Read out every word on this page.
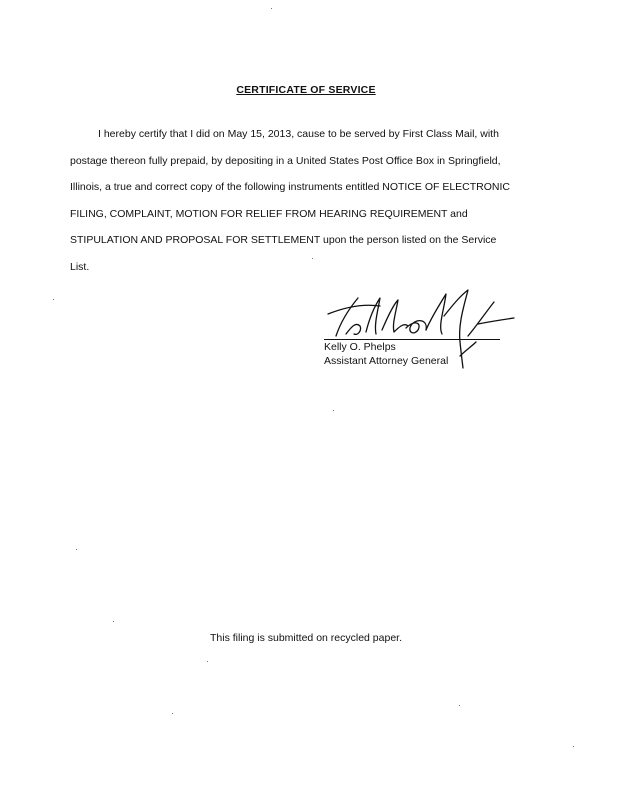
CERTIFICATE OF SERVICE
I hereby certify that I did on May 15, 2013, cause to be served by First Class Mail, with
postage thereon fully prepaid, by depositing in a United States Post Office Box in Springfield,
Illinois, a true and correct copy of the following instruments entitled NOTICE OF ELECTRONIC
FILING, COMPLAINT, MOTION FOR RELIEF FROM HEARING REQUIREMENT and
STIPULATION AND PROPOSAL FOR SETTLEMENT upon the person listed on the Service
List.
Kelly O. Phelps
Assistant Attorney General
This filing is submitted on recycled paper.
